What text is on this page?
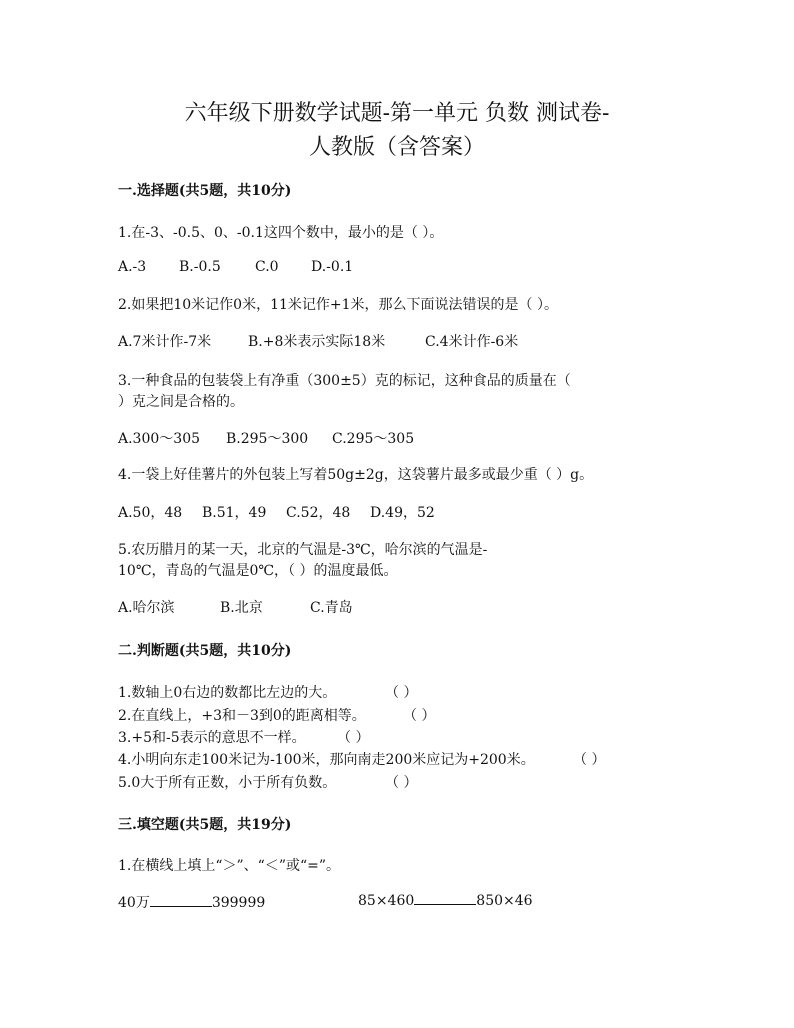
六年级下册数学试题-第一单元 负数 测试卷-
人教版（含答案）
一.选择题(共5题，共10分)
1.在-3、-0.5、0、-0.1这四个数中，最小的是（ ）。
A.-3 B.-0.5 C.0 D.-0.1
2.如果把10米记作0米，11米记作+1米，那么下面说法错误的是（ ）。
A.7米计作-7米	B.+8米表示实际18米	C.4米计作-6米
3.一种食品的包装袋上有净重（300±5）克的标记，这种食品的质量在（
）克之间是合格的。
A.300～305 B.295～300 C.295～305
4.一袋上好佳薯片的外包装上写着50g±2g，这袋薯片最多或最少重（ ）g。
A.50，48 B.51，49 C.52，48 D.49，52
5.农历腊月的某一天，北京的气温是-3℃，哈尔滨的气温是-
10℃，青岛的气温是0℃，（ ）的温度最低。
A.哈尔滨	B.北京	C.青岛
二.判断题(共5题，共10分)
1.数轴上0右边的数都比左边的大。	（ ）
2.在直线上，+3和－3到0的距离相等。	（ ）
3.+5和-5表示的意思不一样。 （ ）
4.小明向东走100米记为-100米，那向南走200米应记为+200米。	（ ）
5.0大于所有正数，小于所有负数。	（ ）
三.填空题(共5题，共19分)
1.在横线上填上“＞”、“＜”或“=”。
40万	399999	85×460	850×46
